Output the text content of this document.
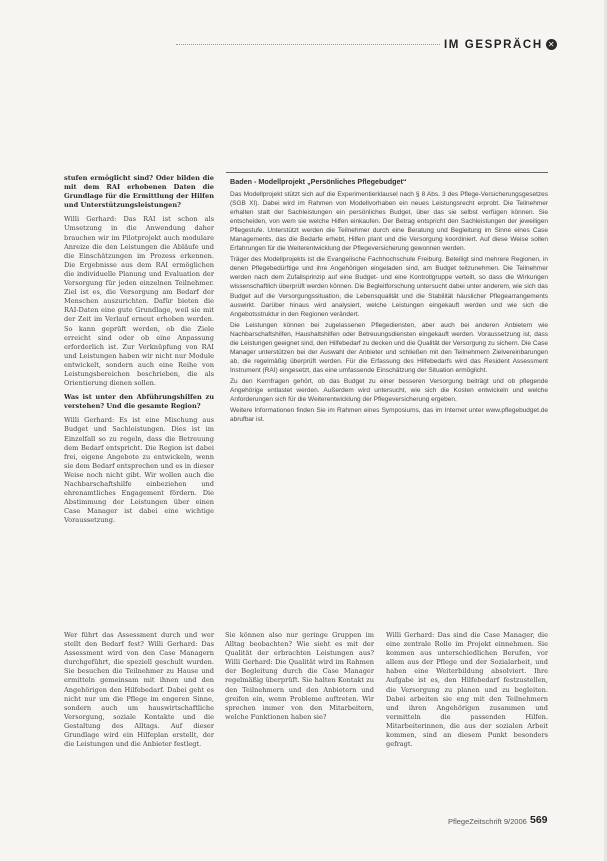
IM GESPRÄCH ✕

stufen ermöglicht sind? Oder bilden die mit dem RAI erhobenen Daten die Grundlage für die Ermittlung der Hilfen und Unterstützungsleistungen?

Willi Gerhard: Das RAI ist schon als Umsetzung in die Anwendung daher brauchen wir im Pilotprojekt auch modulare Anreize die den Leistungen die Abläufe und die Einschätzungen im Prozess erkennen. Die Ergebnisse aus dem RAI ermöglichen die individuelle Planung und Evaluation der Versorgung für jeden einzelnen Teilnehmer. Ziel ist es, die Versorgung am Bedarf der Menschen auszurichten. Dafür bieten die RAI-Daten eine gute Grundlage, weil sie mit der Zeit im Verlauf erneut erhoben werden. So kann geprüft werden, ob die Ziele erreicht sind oder ob eine Anpassung erforderlich ist. Zur Verknüpfung von RAI und Leistungen haben wir nicht nur Module entwickelt, sondern auch eine Reihe von Leistungsbereichen beschrieben, die als Orientierung dienen sollen.

Was ist unter den Abführungshilfen zu verstehen? Und die gesamte Region?

Willi Gerhard: Es ist eine Mischung aus Budget und Sachleistungen. Dies ist im Einzelfall so zu regeln, dass die Betreuung dem Bedarf entspricht. Die Region ist dabei frei, eigene Angebote zu entwickeln, wenn sie dem Bedarf entsprechen und es in dieser Weise noch nicht gibt. Wir wollen auch die Nachbarschaftshilfe einbeziehen und ehrenamtliches Engagement fördern. Die Abstimmung der Leistungen über einen Case Manager ist dabei eine wichtige Voraussetzung.

Baden - Modellprojekt „Persönliches Pflegebudget“

Das Modellprojekt stützt sich auf die Experimentierklausel nach § 8 Abs. 3 des Pflege-Versicherungsgesetzes (SGB XI). Dabei wird im Rahmen von Modellvorhaben ein neues Leistungsrecht erprobt. Die Teilnehmer erhalten statt der Sachleistungen ein persönliches Budget, über das sie selbst verfügen können. Sie entscheiden, von wem sie welche Hilfen einkaufen. Der Betrag entspricht den Sachleistungen der jeweiligen Pflegestufe. Unterstützt werden die Teilnehmer durch eine Beratung und Begleitung im Sinne eines Case Managements, das die Bedarfe erhebt, Hilfen plant und die Versorgung koordiniert. Auf diese Weise sollen Erfahrungen für die Weiterentwicklung der Pflegeversicherung gewonnen werden.

Träger des Modellprojekts ist die Evangelische Fachhochschule Freiburg. Beteiligt sind mehrere Regionen, in denen Pflegebedürftige und ihre Angehörigen eingeladen sind, am Budget teilzunehmen. Die Teilnehmer werden nach dem Zufallsprinzip auf eine Budget- und eine Kontrollgruppe verteilt, so dass die Wirkungen wissenschaftlich überprüft werden können. Die Begleitforschung untersucht dabei unter anderem, wie sich das Budget auf die Versorgungssituation, die Lebensqualität und die Stabilität häuslicher Pflegearrangements auswirkt. Darüber hinaus wird analysiert, welche Leistungen eingekauft werden und wie sich die Angebotsstruktur in den Regionen verändert.

Die Leistungen können bei zugelassenen Pflegediensten, aber auch bei anderen Anbietern wie Nachbarschaftshilfen, Haushaltshilfen oder Betreuungsdiensten eingekauft werden. Voraussetzung ist, dass die Leistungen geeignet sind, den Hilfebedarf zu decken und die Qualität der Versorgung zu sichern. Die Case Manager unterstützen bei der Auswahl der Anbieter und schließen mit den Teilnehmern Zielvereinbarungen ab, die regelmäßig überprüft werden. Für die Erfassung des Hilfebedarfs wird das Resident Assessment Instrument (RAI) eingesetzt, das eine umfassende Einschätzung der Situation ermöglicht.

Zu den Kernfragen gehört, ob das Budget zu einer besseren Versorgung beiträgt und ob pflegende Angehörige entlastet werden. Außerdem wird untersucht, wie sich die Kosten entwickeln und welche Anforderungen sich für die Weiterentwicklung der Pflegeversicherung ergeben.

Weitere Informationen finden Sie im Rahmen eines Symposiums, das im Internet unter www.pflegebudget.de abrufbar ist.

Wer führt das Assessment durch und wer stellt den Bedarf fest? Willi Gerhard: Das Assessment wird von den Case Managern durchgeführt, die speziell geschult wurden. Sie besuchen die Teilnehmer zu Hause und ermitteln gemeinsam mit ihnen und den Angehörigen den Hilfebedarf. Dabei geht es nicht nur um die Pflege im engeren Sinne, sondern auch um hauswirtschaftliche Versorgung, soziale Kontakte und die Gestaltung des Alltags. Auf dieser Grundlage wird ein Hilfeplan erstellt, der die Leistungen und die Anbieter festlegt.

Sie können also nur geringe Gruppen im Alltag beobachten? Wie sieht es mit der Qualität der erbrachten Leistungen aus? Willi Gerhard: Die Qualität wird im Rahmen der Begleitung durch die Case Manager regelmäßig überprüft. Sie halten Kontakt zu den Teilnehmern und den Anbietern und greifen ein, wenn Probleme auftreten. Wir sprechen immer von den Mitarbeitern, welche Funktionen haben sie?

Willi Gerhard: Das sind die Case Manager, die eine zentrale Rolle im Projekt einnehmen. Sie kommen aus unterschiedlichen Berufen, vor allem aus der Pflege und der Sozialarbeit, und haben eine Weiterbildung absolviert. Ihre Aufgabe ist es, den Hilfebedarf festzustellen, die Versorgung zu planen und zu begleiten. Dabei arbeiten sie eng mit den Teilnehmern und ihren Angehörigen zusammen und vermitteln die passenden Hilfen. Mitarbeiterinnen, die aus der sozialen Arbeit kommen, sind an diesem Punkt besonders gefragt.

PflegeZeitschrift 9/2006 569
